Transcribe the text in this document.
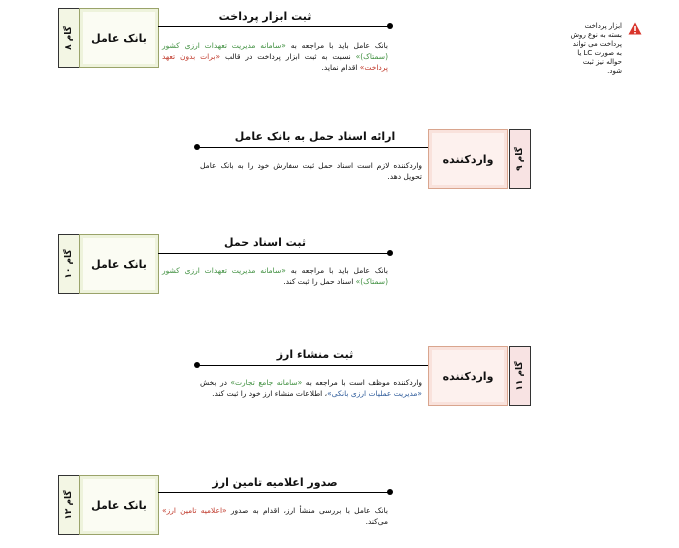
ابزار پرداخت بسته به نوع روش پرداخت می تواند به صورت LC یا حواله نیز ثبت شود.
گام ۸	بانک عامل
ثبت ابزار پرداخت
بانک عامل باید با مراجعه به «سامانه مدیریت تعهدات ارزی کشور (سمتاک)» نسبت به ثبت ابزار پرداخت در قالب «برات بدون تعهد پرداخت» اقدام نماید.
واردکننده
گام ۹
ارائه اسناد حمل به بانک عامل
واردکننده لازم است اسناد حمل ثبت سفارش خود را به بانک عامل تحویل دهد.
گام ۱۰	بانک عامل
ثبت اسناد حمل
بانک عامل باید با مراجعه به «سامانه مدیریت تعهدات ارزی کشور (سمتاک)» اسناد حمل را ثبت کند.
واردکننده
گام ۱۱
ثبت منشاء ارز
واردکننده موظف است با مراجعه به «سامانه جامع تجارت» در بخش «مدیریت عملیات ارزی بانکی»، اطلاعات منشاء ارز خود را ثبت کند.
گام ۱۲	بانک عامل
صدور اعلامیه تامین ارز
بانک عامل با بررسی منشأ ارز، اقدام به صدور «اعلامیه تامین ارز» می‌کند.
